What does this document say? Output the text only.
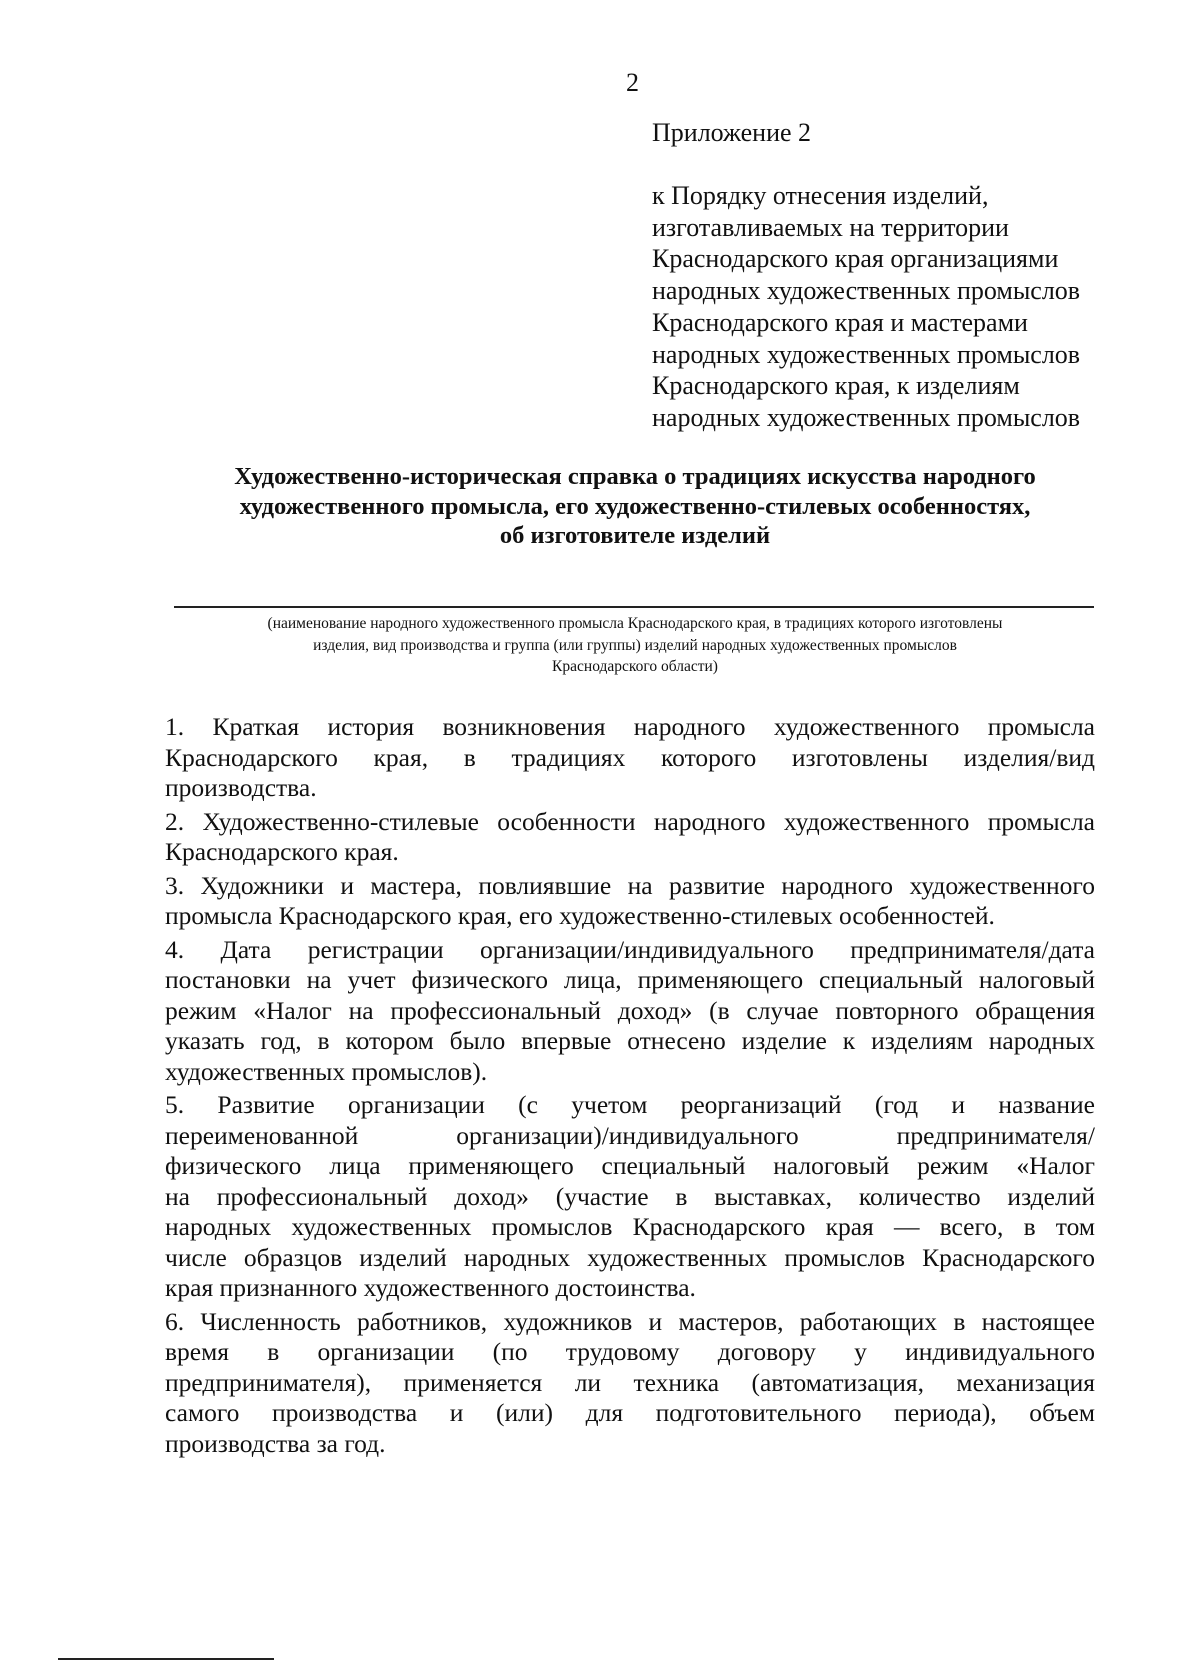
2
Приложение 2
к Порядку отнесения изделий,
изготавливаемых на территории
Краснодарского края организациями
народных художественных промыслов
Краснодарского края и мастерами
народных художественных промыслов
Краснодарского края, к изделиям
народных художественных промыслов
Художественно-историческая справка о традициях искусства народного
художественного промысла, его художественно-стилевых особенностях,
об изготовителе изделий
(наименование народного художественного промысла Краснодарского края, в традициях которого изготовлены
изделия, вид производства и группа (или группы) изделий народных художественных промыслов
Краснодарского области)

1. Краткая история возникновения народного художественного промысла
Краснодарского края, в традициях которого изготовлены изделия/вид
производства.

2. Художественно-стилевые особенности народного художественного промысла
Краснодарского края.

3. Художники и мастера, повлиявшие на развитие народного художественного
промысла Краснодарского края, его художественно-стилевых особенностей.

4. Дата регистрации организации/индивидуального предпринимателя/дата
постановки на учет физического лица, применяющего специальный налоговый
режим «Налог на профессиональный доход» (в случае повторного обращения
указать год, в котором было впервые отнесено изделие к изделиям народных
художественных промыслов).

5. Развитие организации (с учетом реорганизаций (год и название
переименованной организации)/индивидуального предпринимателя/
физического лица применяющего специальный налоговый режим «Налог
на профессиональный доход» (участие в выставках, количество изделий
народных художественных промыслов Краснодарского края — всего, в том
числе образцов изделий народных художественных промыслов Краснодарского
края признанного художественного достоинства.

6. Численность работников, художников и мастеров, работающих в настоящее
время в организации (по трудовому договору у индивидуального
предпринимателя), применяется ли техника (автоматизация, механизация
самого производства и (или) для подготовительного периода), объем
производства за год.
